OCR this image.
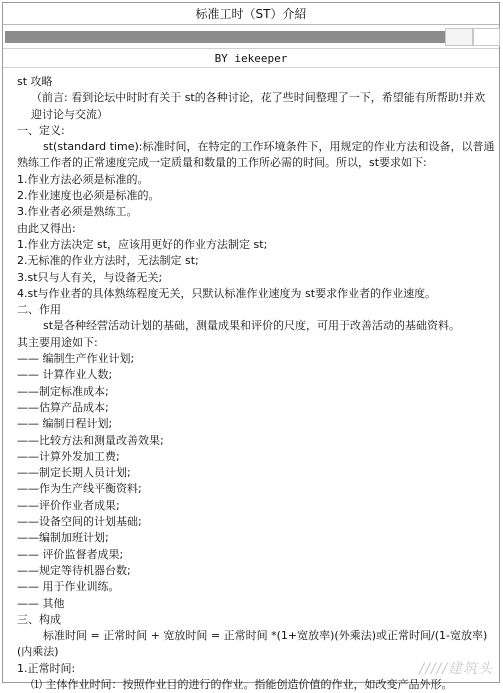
标准工时（ST）介紹
BY iekeeper

st 攻略

（前言: 看到论坛中时时有关于 st的各种讨论，花了些时间整理了一下，希望能有所帮助!并欢迎讨论与交流）

一、定义:

st(standard time):标准时间，在特定的工作环境条件下，用规定的作业方法和设备，以普通熟练工作者的正常速度完成一定质量和数量的工作所必需的时间。所以，st要求如下:

1.作业方法必须是标准的。

2.作业速度也必须是标准的。

3.作业者必须是熟练工。

由此又得出:

1.作业方法决定 st，应该用更好的作业方法制定 st;

2.无标准的作业方法时，无法制定 st;

3.st只与人有关，与设备无关;

4.st与作业者的具体熟练程度无关，只默认标准作业速度为 st要求作业者的作业速度。

二、作用

st是各种经营活动计划的基础，测量成果和评价的尺度，可用于改善活动的基础资料。

其主要用途如下:

—— 编制生产作业计划;

—— 计算作业人数;

——制定标准成本;

——估算产品成本;

—— 编制日程计划;

——比较方法和测量改善效果;

——计算外发加工费;

——制定长期人员计划;

——作为生产线平衡资料;

——评价作业者成果;

——设备空间的计划基础;

——编制加班计划;

—— 评价监督者成果;

——规定等待机器台数;

—— 用于作业训练。

—— 其他

三、构成

标准时间 = 正常时间 + 宽放时间 = 正常时间 *(1+宽放率)(外乘法)或正常时间/(1-宽放率)(内乘法)

1.正常时间:

⑴ 主体作业时间：按照作业目的进行的作业。指能创造价值的作业，如改变产品外形。

/////建筑头
